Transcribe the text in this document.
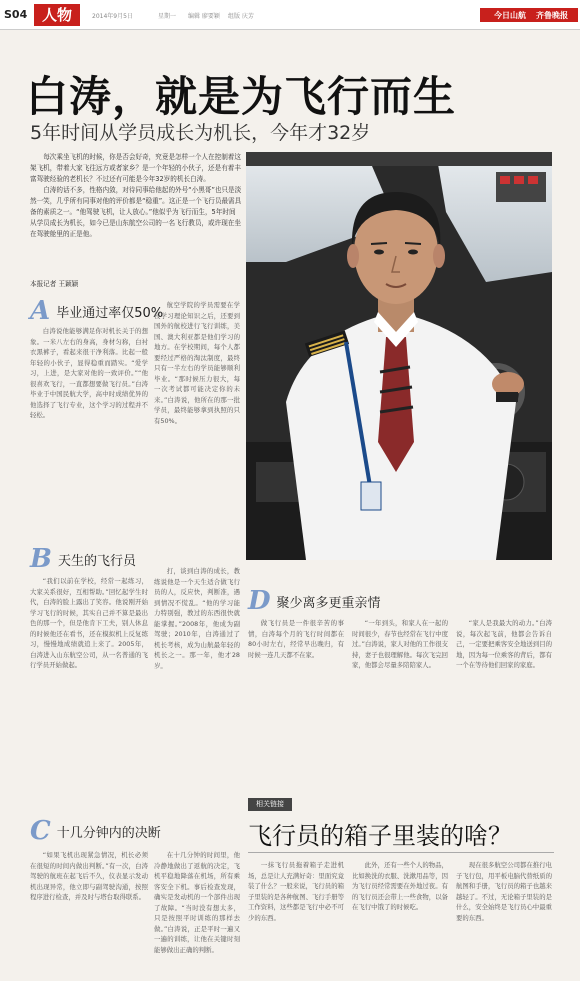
S04 人物	2014年9月5日	星期一 编辑 廖要颖 组版 庆芳	今日山航 齐鲁晚报
白涛，就是为飞行而生
5年时间从学员成长为机长，今年才32岁

每次乘坐飞机的时候，你是否会好奇，究竟是怎样一个人在控制着这架飞机，带着大家飞往远方或者家乡？是一个年轻的小伙子，还是有着丰富驾驶经验的老机长？不过还有可能是今年32岁的机长白涛。

白涛的话不多，性格内敛，对待同事给他起的外号“小黑哥”也只是淡然一笑，几乎所有同事对他的评价都是“稳重”。这正是一个飞行员最需具备的素质之一。“他驾驶飞机，让人放心。”他似乎为飞行而生，5年时间从学员成长为机长，如今已是山东航空公司的一名飞行教员，或许现在坐在驾驶舱里的正是他。

本报记者 王颖颖
A 毕业通过率仅50%

白涛说他能够满足你对机长关于的想象。一米八左右的身高，身材匀称，白衬衣黑裤子，看起来很干净利落。比起一般年轻的小伙子，显得稳重而踏实。“爱学习，上进，是大家对他的一致评价。”“他很喜欢飞行，一直都想要做飞行员。”白涛毕业于中国民航大学，高中时成绩优异的他选择了飞行专业，这个学习的过程并不轻松。

航空学院的学员需要在学校学习理论知识之后，还要到国外的航校进行飞行训练，美国、澳大利亚都是他们学习的地方。在学校期间，每个人都要经过严格的淘汰制度，最终只有一半左右的学员能够顺利毕业。“那时候压力很大，每一次考试都可能决定你的未来。”白涛说，他所在的那一批学员，最终能够拿到执照的只有50%。

B 天生的飞行员

“我们以前在学校，经常一起练习，大家关系很好，互相帮助。”回忆起学生时代，白涛的脸上露出了笑容。他说刚开始学习飞行的时候，其实自己并不算是最出色的那一个，但是他肯下工夫，别人休息的时候他还在看书，还在模拟机上反复练习，慢慢地成绩就追上来了。2005年，白涛进入山东航空公司，从一名普通的飞行学员开始做起。

打，谈到白涛的成长，教练说他是一个天生适合做飞行员的人，反应快，判断准，遇到情况不慌乱。“他的学习能力特别强，教过的东西很快就能掌握。”2008年，他成为副驾驶；2010年，白涛通过了机长考核，成为山航最年轻的机长之一。那一年，他才28岁。

C 十几分钟内的决断

“如果飞机出现紧急情况，机长必须在很短的时间内做出判断。”有一次，白涛驾驶的航班在起飞后不久，仪表显示发动机出现异常，他立即与副驾驶沟通，按照程序进行检查，并及时与塔台取得联系。

在十几分钟的时间里，他冷静地做出了返航的决定，飞机平稳地降落在机场，所有乘客安全下机。事后检查发现，确实是发动机的一个部件出现了故障。“当时没有想太多，只是按照平时训练的那样去做。”白涛说，正是平时一遍又一遍的训练，让他在关键时刻能够做出正确的判断。

D 聚少离多更重亲情

做飞行员是一件很辛苦的事情，白涛每个月的飞行时间都在80小时左右，经常早出晚归，有时候一连几天都不在家。

“一年到头，和家人在一起的时间很少，春节也经常在飞行中度过。”白涛说，家人对他的工作很支持，妻子也很理解他。每次飞完回家，他都会尽量多陪陪家人。

“家人是我最大的动力。”白涛说，每次起飞前，他都会告诉自己，一定要把乘客安全地送到目的地，因为每一位乘客的背后，都有一个在等待他们回家的家庭。

相关链接
飞行员的箱子里装的啥？

一抹飞行员拖着箱子走进机场，总是让人充满好奇：里面究竟装了什么？一般来说，飞行员的箱子里装的是各种航图、飞行手册等工作资料，这些都是飞行中必不可少的东西。

此外，还有一些个人的物品，比如换洗的衣服、洗漱用品等，因为飞行员经常需要在外地过夜。有的飞行员还会带上一些食物，以备在飞行中饿了的时候吃。

现在很多航空公司都在推行电子飞行包，用平板电脑代替纸质的航图和手册，飞行员的箱子也越来越轻了。不过，无论箱子里装的是什么，安全始终是飞行员心中最重要的东西。
